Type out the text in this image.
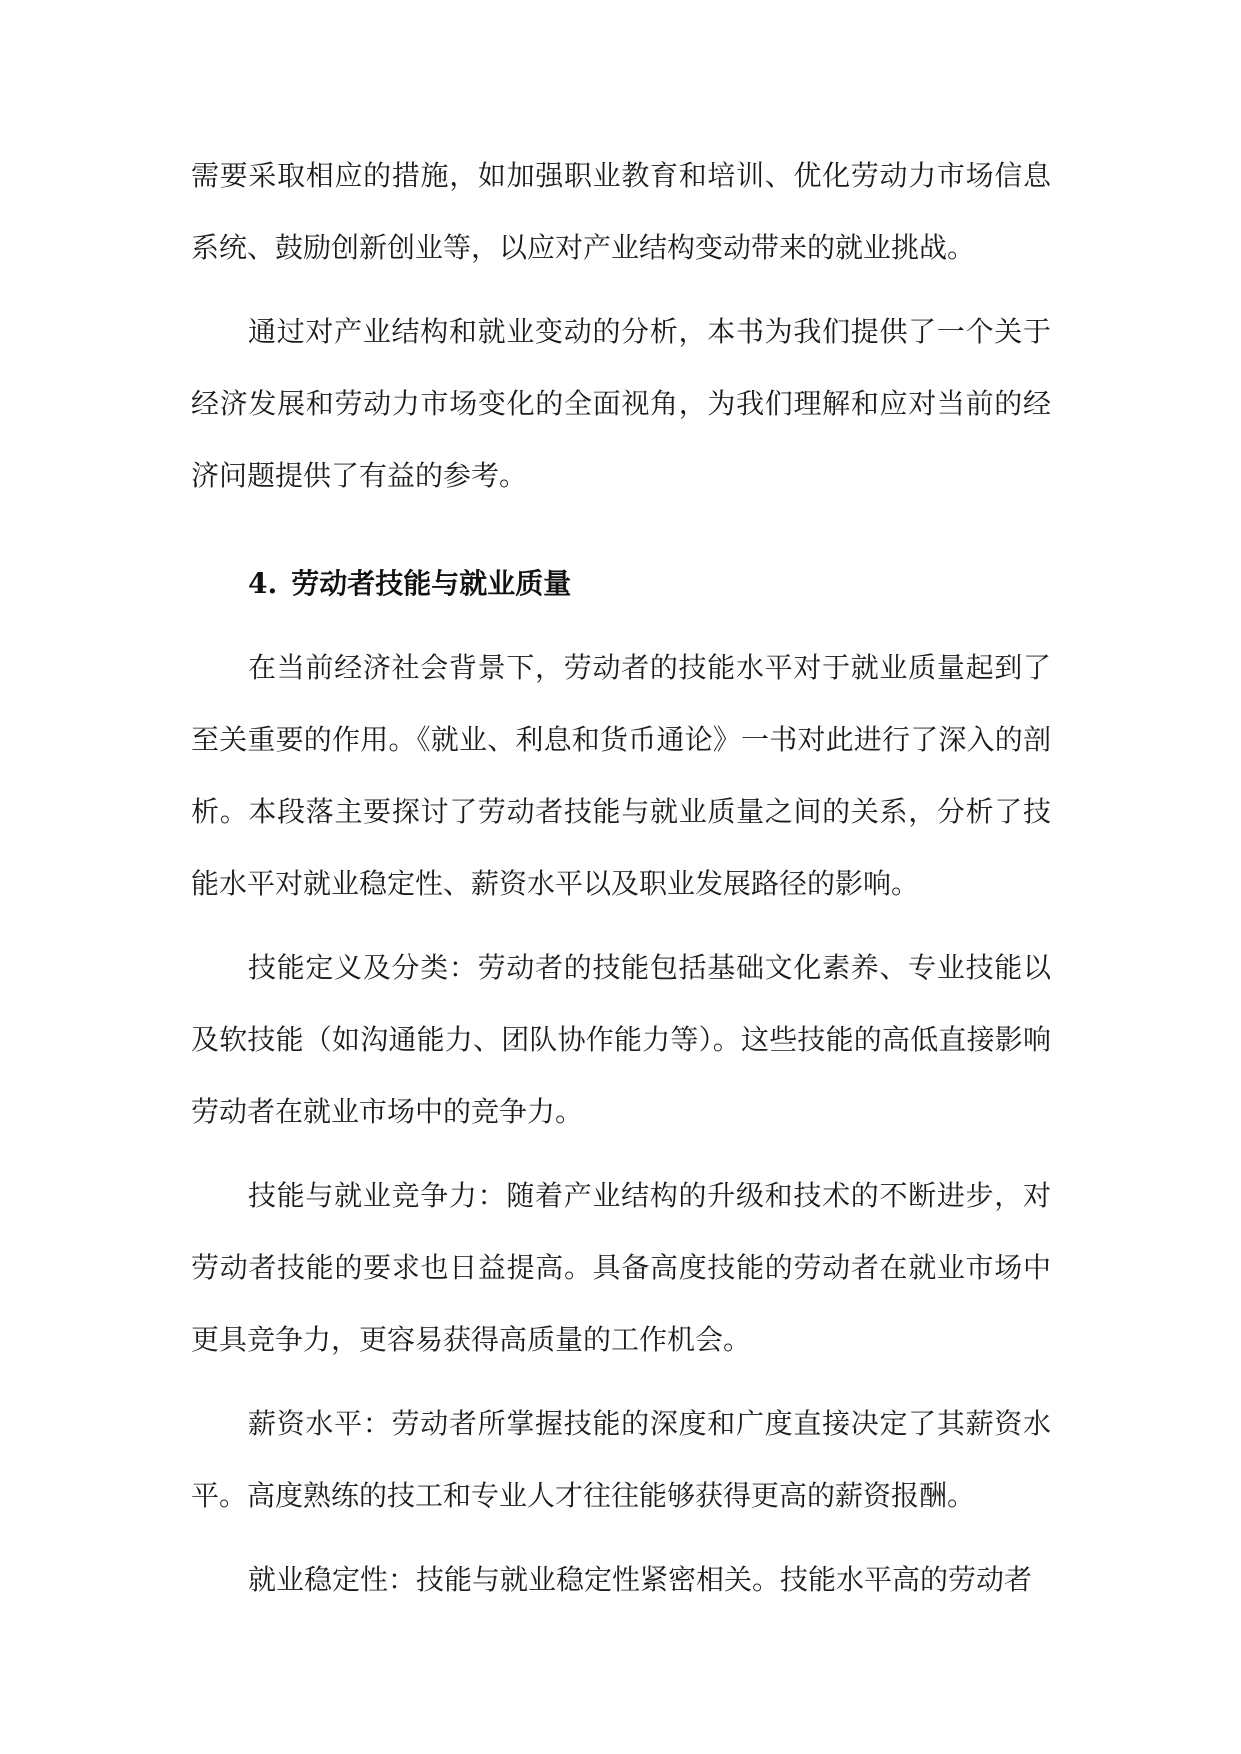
需要采取相应的措施，如加强职业教育和培训、优化劳动力市场信息系统、鼓励创新创业等，以应对产业结构变动带来的就业挑战。

通过对产业结构和就业变动的分析，本书为我们提供了一个关于经济发展和劳动力市场变化的全面视角，为我们理解和应对当前的经济问题提供了有益的参考。

4. 劳动者技能与就业质量

在当前经济社会背景下，劳动者的技能水平对于就业质量起到了至关重要的作用。《就业、利息和货币通论》一书对此进行了深入的剖析。本段落主要探讨了劳动者技能与就业质量之间的关系，分析了技能水平对就业稳定性、薪资水平以及职业发展路径的影响。

技能定义及分类：劳动者的技能包括基础文化素养、专业技能以及软技能（如沟通能力、团队协作能力等）。这些技能的高低直接影响劳动者在就业市场中的竞争力。

技能与就业竞争力：随着产业结构的升级和技术的不断进步，对劳动者技能的要求也日益提高。具备高度技能的劳动者在就业市场中更具竞争力，更容易获得高质量的工作机会。

薪资水平：劳动者所掌握技能的深度和广度直接决定了其薪资水平。高度熟练的技工和专业人才往往能够获得更高的薪资报酬。

就业稳定性：技能与就业稳定性紧密相关。技能水平高的劳动者
